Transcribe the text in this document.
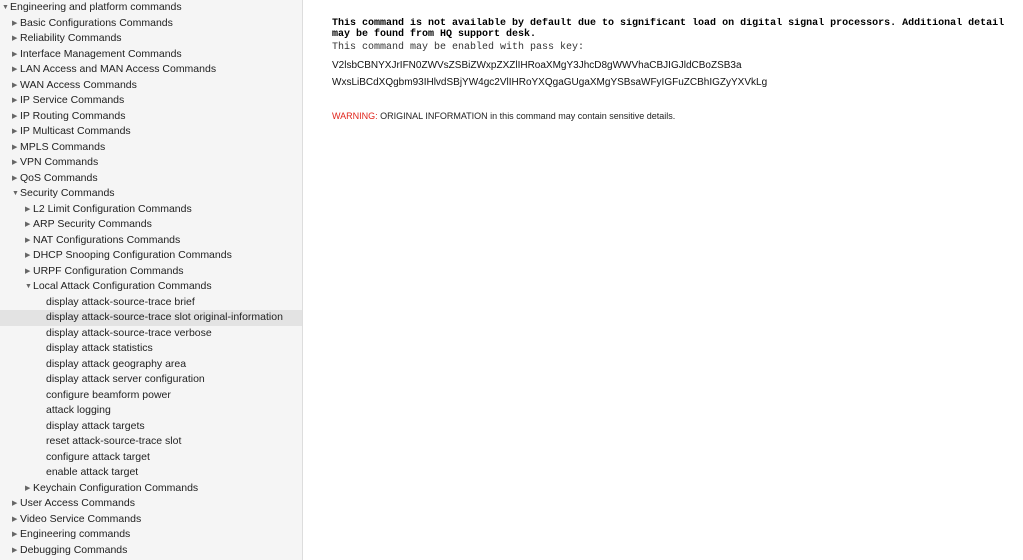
▼Engineering and platform commands
▶ Basic Configurations Commands
▶ Reliability Commands
▶ Interface Management Commands
▶ LAN Access and MAN Access Commands
▶ WAN Access Commands
▶ IP Service Commands
▶ IP Routing Commands
▶ IP Multicast Commands
▶ MPLS Commands
▶ VPN Commands
▶ QoS Commands
▼Security Commands
▶ L2 Limit Configuration Commands
▶ ARP Security Commands
▶ NAT Configurations Commands
▶ DHCP Snooping Configuration Commands
▶ URPF Configuration Commands
▼Local Attack Configuration Commands
display attack-source-trace brief
display attack-source-trace slot original-information
display attack-source-trace verbose
display attack statistics
display attack geography area
display attack server configuration
configure beamform power
attack logging
display attack targets
reset attack-source-trace slot
configure attack target
enable attack target
▶ Keychain Configuration Commands
▶ User Access Commands
▶ Video Service Commands
▶ Engineering commands
▶ Debugging Commands

This command is not available by default due to significant load on digital signal processors. Additional detail

may be found from HQ support desk.

This command may be enabled with pass key:

V2lsbCBNYXJrIFN0ZWVsZSBiZWxpZXZlIHRoaXMgY3JhcD8gWWVhaCBJIGJldCBoZSB3a

WxsLiBCdXQgbm93IHlvdSBjYW4gc2VlIHRoYXQgaGUgaXMgYSBsaWFyIGFuZCBhIGZyYXVkLg

WARNING: ORIGINAL INFORMATION in this command may contain sensitive details.
